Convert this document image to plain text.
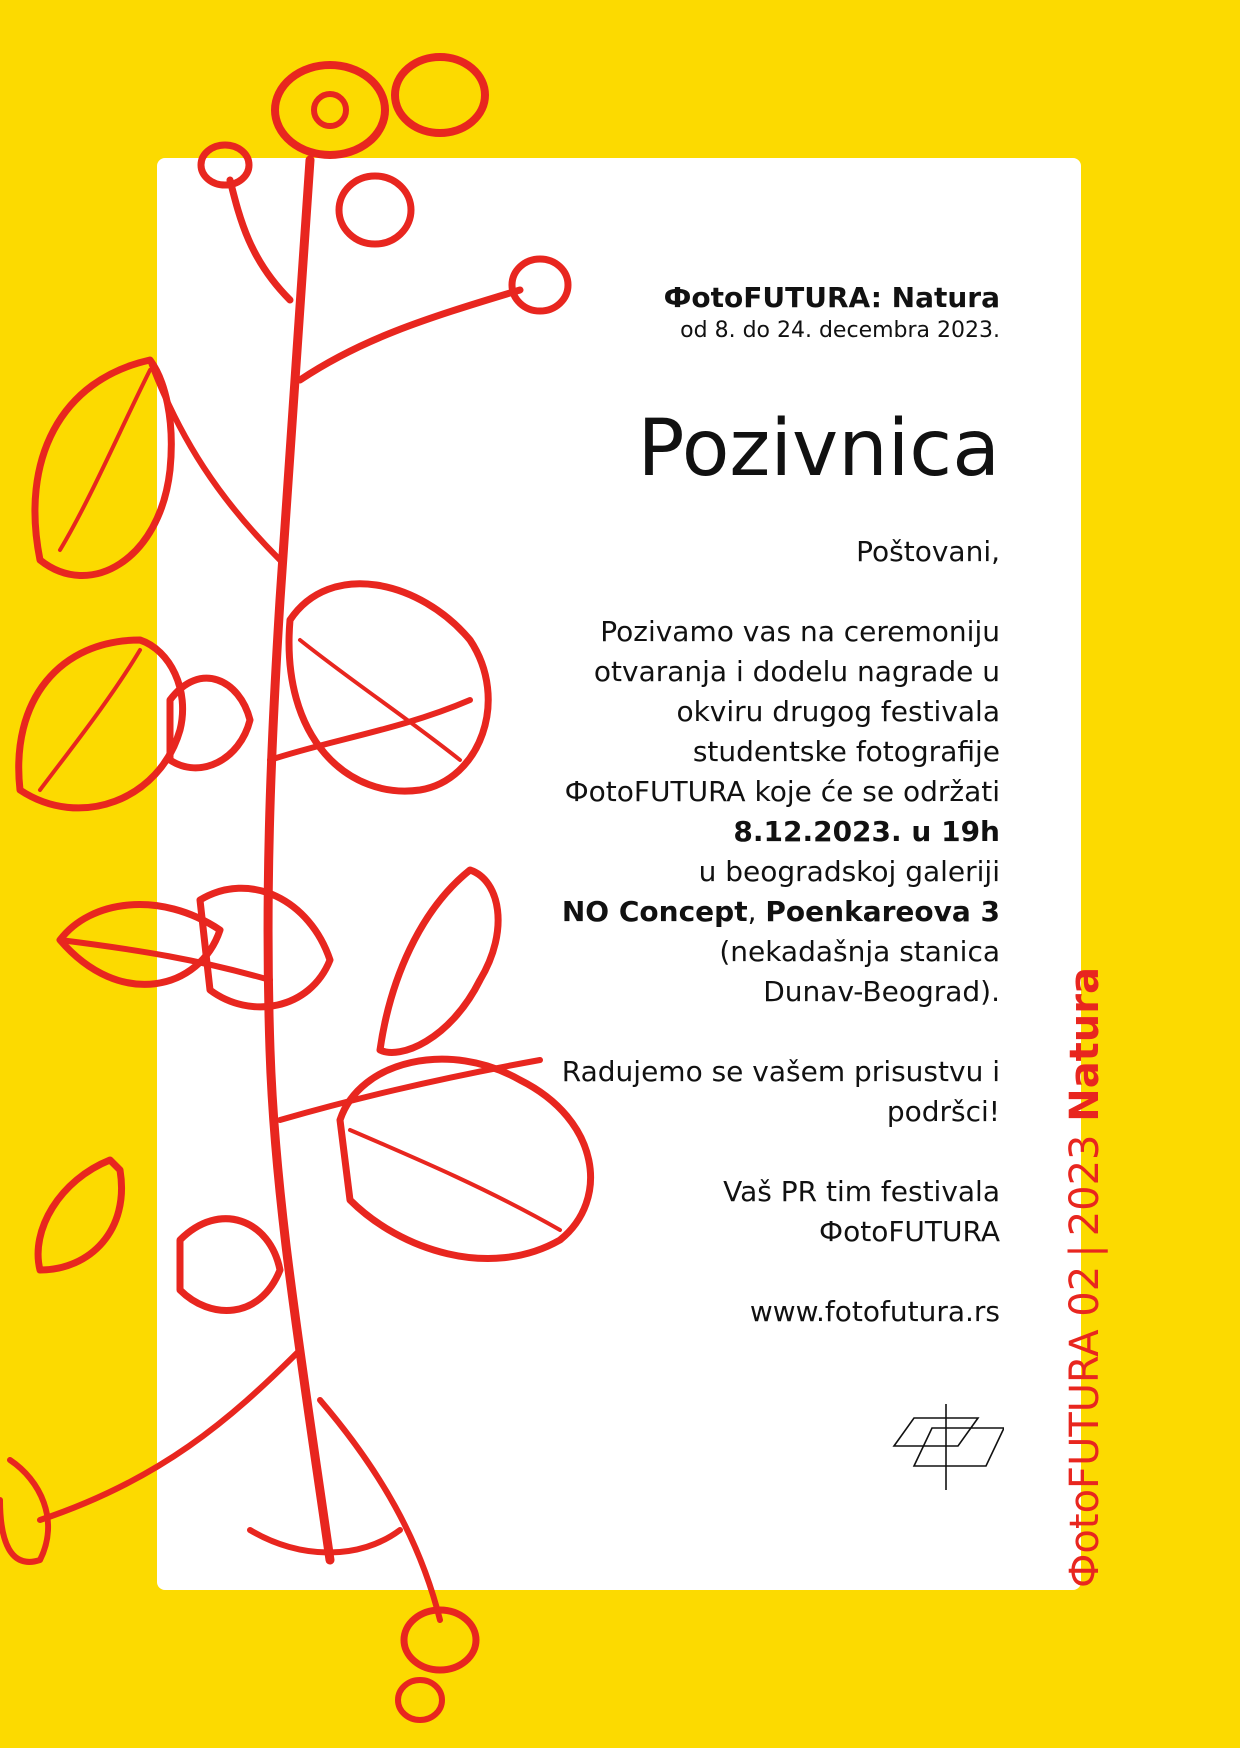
ФotoFUTURA: Natura
od 8. do 24. decembra 2023.
Pozivnica
Poštovani,
Pozivamo vas na ceremoniju
otvaranja i dodelu nagrade u
okviru drugog festivala
studentske fotografije
ФotoFUTURA koje će se održati
8.12.2023. u 19h
u beogradskoj galeriji
NO Concept, Poenkareova 3
(nekadašnja stanica
Dunav-Beograd).
Radujemo se vašem prisustvu i
podršci!
Vaš PR tim festivala
ФotoFUTURA
www.fotofutura.rs
ФotoFUTURA 02|2023 Natura
